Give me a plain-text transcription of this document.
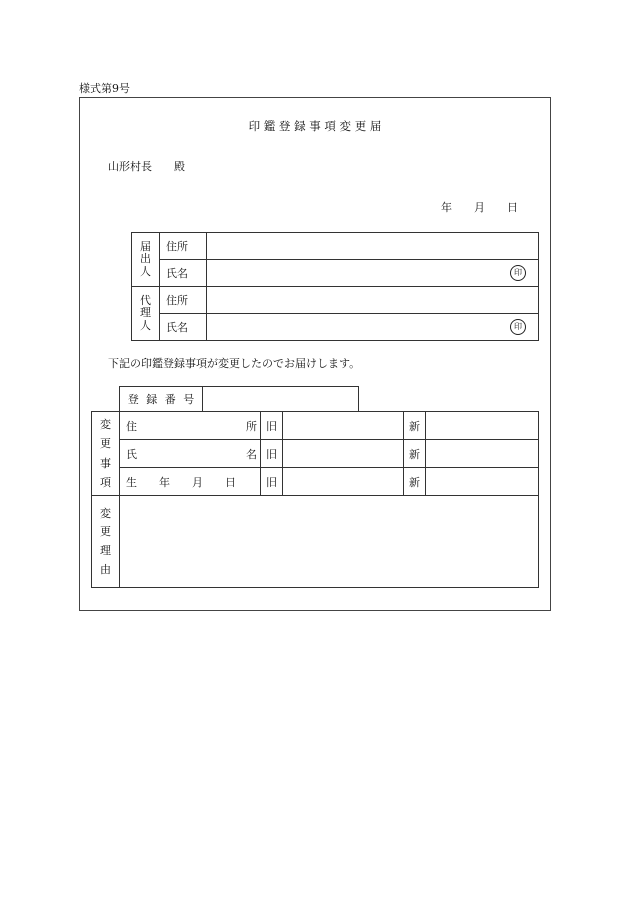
様式第9号
印 鑑 登 録 事 項 変 更 届
山形村長　　殿
年　　月　　日
届
出
人	住所	
	氏名	印

代
理
人	住所	
	氏名	印
下記の印鑑登録事項が変更したのでお届けします。
登 録 番 号	
変
更
事
項	住 所	旧		新	

	氏 名	旧		新	

	生　　年　　月　　日	旧		新	
変

更

理

由					
